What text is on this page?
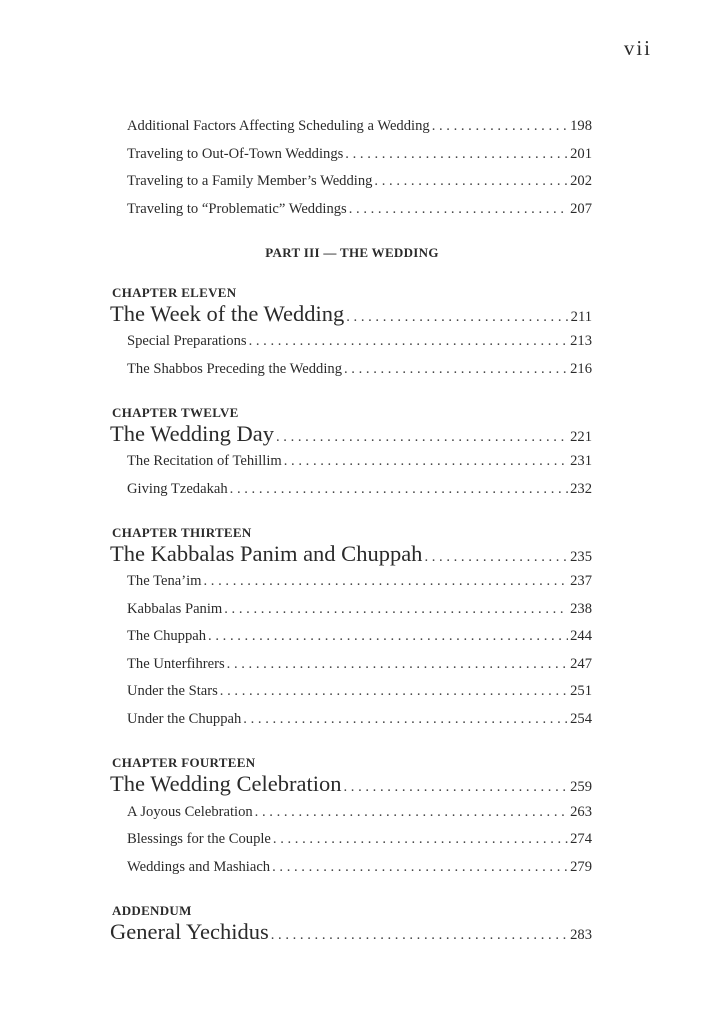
vii
Additional Factors Affecting Scheduling a Wedding . . .	198
Traveling to Out-Of-Town Weddings . . .	201
Traveling to a Family Member’s Wedding . . .	202
Traveling to “Problematic” Weddings . . .	207
PART III — THE WEDDING
CHAPTER ELEVEN
The Week of the Wedding . . .	211
Special Preparations . . .	213
The Shabbos Preceding the Wedding . . .	216
CHAPTER TWELVE
The Wedding Day . . .	221
The Recitation of Tehillim . . .	231
Giving Tzedakah . . .	232
CHAPTER THIRTEEN
The Kabbalas Panim and Chuppah . . .	235
The Tena’im . . .	237
Kabbalas Panim . . .	238
The Chuppah . . .	244
The Unterfihrers . . .	247
Under the Stars . . .	251
Under the Chuppah . . .	254
CHAPTER FOURTEEN
The Wedding Celebration . . .	259
A Joyous Celebration . . .	263
Blessings for the Couple . . .	274
Weddings and Mashiach . . .	279
ADDENDUM
General Yechidus . . .	283
